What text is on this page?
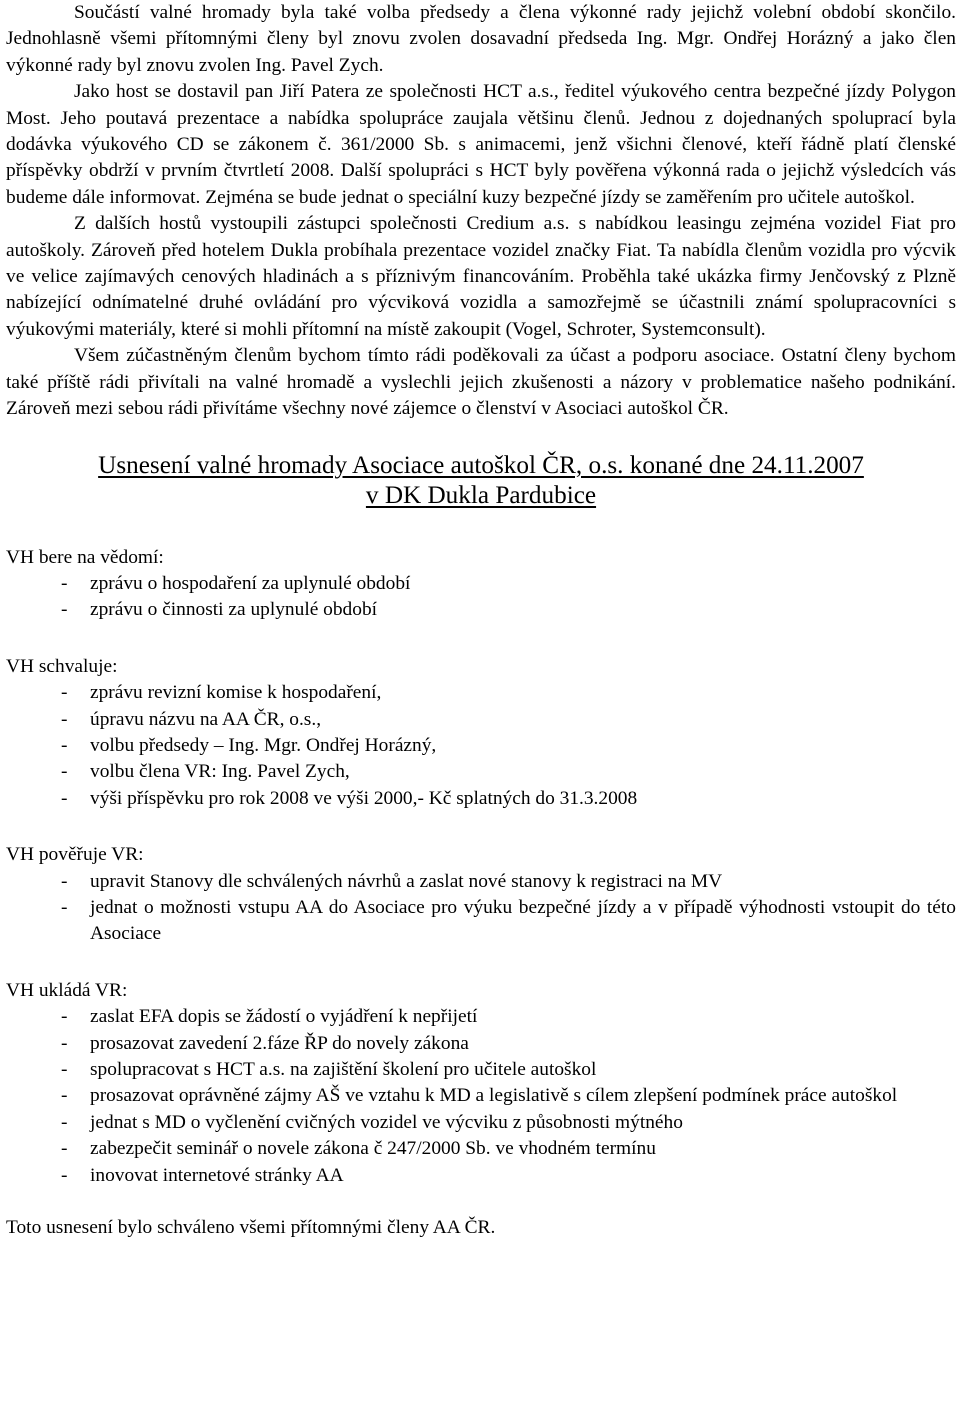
Součástí valné hromady byla také volba předsedy a člena výkonné rady jejichž volební období skončilo. Jednohlasně všemi přítomnými členy byl znovu zvolen dosavadní předseda Ing. Mgr. Ondřej Horázný a jako člen výkonné rady byl znovu zvolen Ing. Pavel Zych.

Jako host se dostavil pan Jiří Patera ze společnosti HCT a.s., ředitel výukového centra bezpečné jízdy Polygon Most. Jeho poutavá prezentace a nabídka spolupráce zaujala většinu členů. Jednou z dojednaných spoluprací byla dodávka výukového CD se zákonem č. 361/2000 Sb. s animacemi, jenž všichni členové, kteří řádně platí členské příspěvky obdrží v prvním čtvrtletí 2008. Další spolupráci s HCT byly pověřena výkonná rada o jejichž výsledcích vás budeme dále informovat. Zejména se bude jednat o speciální kuzy bezpečné jízdy se zaměřením pro učitele autoškol.

Z dalších hostů vystoupili zástupci společnosti Credium a.s. s nabídkou leasingu zejména vozidel Fiat pro autoškoly. Zároveň před hotelem Dukla probíhala prezentace vozidel značky Fiat. Ta nabídla členům vozidla pro výcvik ve velice zajímavých cenových hladinách a s příznivým financováním. Proběhla také ukázka firmy Jenčovský z Plzně nabízející odnímatelné druhé ovládání pro výcviková vozidla a samozřejmě se účastnili známí spolupracovníci s výukovými materiály, které si mohli přítomní na místě zakoupit (Vogel, Schroter, Systemconsult).

Všem zúčastněným členům bychom tímto rádi poděkovali za účast a podporu asociace. Ostatní členy bychom také příště rádi přivítali na valné hromadě a vyslechli jejich zkušenosti a názory v problematice našeho podnikání. Zároveň mezi sebou rádi přivítáme všechny nové zájemce o členství v Asociaci autoškol ČR.

Usnesení valné hromady Asociace autoškol ČR, o.s. konané dne 24.11.2007
v DK Dukla Pardubice
VH bere na vědomí:
- zprávu o hospodaření za uplynulé období
- zprávu o činnosti za uplynulé období
VH schvaluje:
- zprávu revizní komise k hospodaření,
- úpravu názvu na AA ČR, o.s.,
- volbu předsedy – Ing. Mgr. Ondřej Horázný,
- volbu člena VR: Ing. Pavel Zych,
- výši příspěvku pro rok 2008 ve výši 2000,- Kč splatných do 31.3.2008
VH pověřuje VR:
- upravit Stanovy dle schválených návrhů a zaslat nové stanovy k registraci na MV
- jednat o možnosti vstupu AA do Asociace pro výuku bezpečné jízdy a v případě výhodnosti vstoupit do této Asociace
VH ukládá VR:
- zaslat EFA dopis se žádostí o vyjádření k nepřijetí
- prosazovat zavedení 2.fáze ŘP do novely zákona
- spolupracovat s HCT a.s. na zajištění školení pro učitele autoškol
- prosazovat oprávněné zájmy AŠ ve vztahu k MD a legislativě s cílem zlepšení podmínek práce autoškol
- jednat s MD o vyčlenění cvičných vozidel ve výcviku z působnosti mýtného
- zabezpečit seminář o novele zákona č 247/2000 Sb. ve vhodném termínu
- inovovat internetové stránky AA

Toto usnesení bylo schváleno všemi přítomnými členy AA ČR.
